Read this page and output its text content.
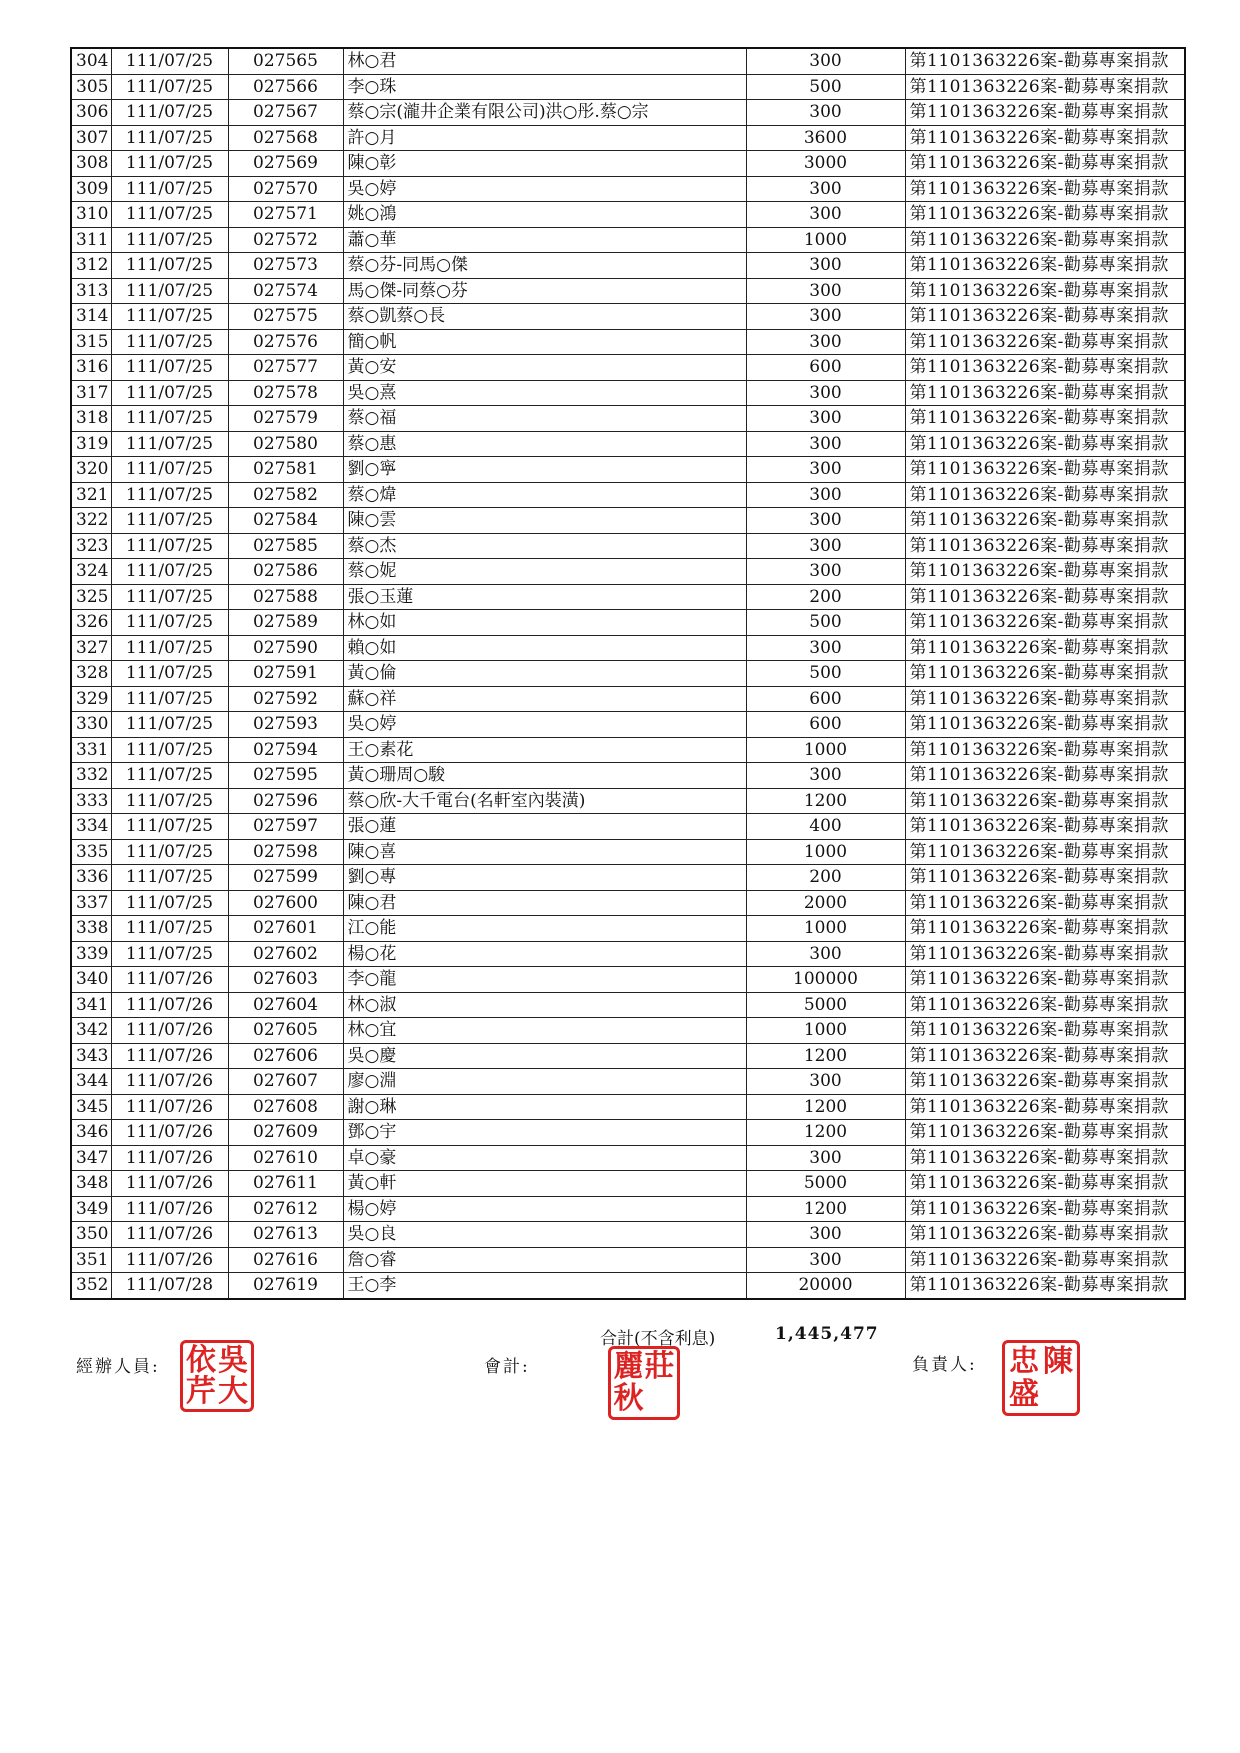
304	111/07/25	027565	林○君	300	第1101363226案-勸募專案捐款
305	111/07/25	027566	李○珠	500	第1101363226案-勸募專案捐款
306	111/07/25	027567	蔡○宗(瀧井企業有限公司)洪○彤.蔡○宗	300	第1101363226案-勸募專案捐款
307	111/07/25	027568	許○月	3600	第1101363226案-勸募專案捐款
308	111/07/25	027569	陳○彰	3000	第1101363226案-勸募專案捐款
309	111/07/25	027570	吳○婷	300	第1101363226案-勸募專案捐款
310	111/07/25	027571	姚○鴻	300	第1101363226案-勸募專案捐款
311	111/07/25	027572	蕭○華	1000	第1101363226案-勸募專案捐款
312	111/07/25	027573	蔡○芬-同馬○傑	300	第1101363226案-勸募專案捐款
313	111/07/25	027574	馬○傑-同蔡○芬	300	第1101363226案-勸募專案捐款
314	111/07/25	027575	蔡○凱蔡○長	300	第1101363226案-勸募專案捐款
315	111/07/25	027576	簡○帆	300	第1101363226案-勸募專案捐款
316	111/07/25	027577	黃○安	600	第1101363226案-勸募專案捐款
317	111/07/25	027578	吳○熹	300	第1101363226案-勸募專案捐款
318	111/07/25	027579	蔡○福	300	第1101363226案-勸募專案捐款
319	111/07/25	027580	蔡○惠	300	第1101363226案-勸募專案捐款
320	111/07/25	027581	劉○寧	300	第1101363226案-勸募專案捐款
321	111/07/25	027582	蔡○煒	300	第1101363226案-勸募專案捐款
322	111/07/25	027584	陳○雲	300	第1101363226案-勸募專案捐款
323	111/07/25	027585	蔡○杰	300	第1101363226案-勸募專案捐款
324	111/07/25	027586	蔡○妮	300	第1101363226案-勸募專案捐款
325	111/07/25	027588	張○玉蓮	200	第1101363226案-勸募專案捐款
326	111/07/25	027589	林○如	500	第1101363226案-勸募專案捐款
327	111/07/25	027590	賴○如	300	第1101363226案-勸募專案捐款
328	111/07/25	027591	黃○倫	500	第1101363226案-勸募專案捐款
329	111/07/25	027592	蘇○祥	600	第1101363226案-勸募專案捐款
330	111/07/25	027593	吳○婷	600	第1101363226案-勸募專案捐款
331	111/07/25	027594	王○素花	1000	第1101363226案-勸募專案捐款
332	111/07/25	027595	黃○珊周○駿	300	第1101363226案-勸募專案捐款
333	111/07/25	027596	蔡○欣-大千電台(名軒室內裝潢)	1200	第1101363226案-勸募專案捐款
334	111/07/25	027597	張○蓮	400	第1101363226案-勸募專案捐款
335	111/07/25	027598	陳○喜	1000	第1101363226案-勸募專案捐款
336	111/07/25	027599	劉○專	200	第1101363226案-勸募專案捐款
337	111/07/25	027600	陳○君	2000	第1101363226案-勸募專案捐款
338	111/07/25	027601	江○能	1000	第1101363226案-勸募專案捐款
339	111/07/25	027602	楊○花	300	第1101363226案-勸募專案捐款
340	111/07/26	027603	李○龍	100000	第1101363226案-勸募專案捐款
341	111/07/26	027604	林○淑	5000	第1101363226案-勸募專案捐款
342	111/07/26	027605	林○宜	1000	第1101363226案-勸募專案捐款
343	111/07/26	027606	吳○慶	1200	第1101363226案-勸募專案捐款
344	111/07/26	027607	廖○淵	300	第1101363226案-勸募專案捐款
345	111/07/26	027608	謝○琳	1200	第1101363226案-勸募專案捐款
346	111/07/26	027609	鄧○宇	1200	第1101363226案-勸募專案捐款
347	111/07/26	027610	卓○豪	300	第1101363226案-勸募專案捐款
348	111/07/26	027611	黃○軒	5000	第1101363226案-勸募專案捐款
349	111/07/26	027612	楊○婷	1200	第1101363226案-勸募專案捐款
350	111/07/26	027613	吳○良	300	第1101363226案-勸募專案捐款
351	111/07/26	027616	詹○睿	300	第1101363226案-勸募專案捐款
352	111/07/28	027619	王○李	20000	第1101363226案-勸募專案捐款
合計(不含利息)	1,445,477
經辦人員: 依 吳
芹 大
會計:	麗 莊
秋
負責人: 忠 陳
盛
